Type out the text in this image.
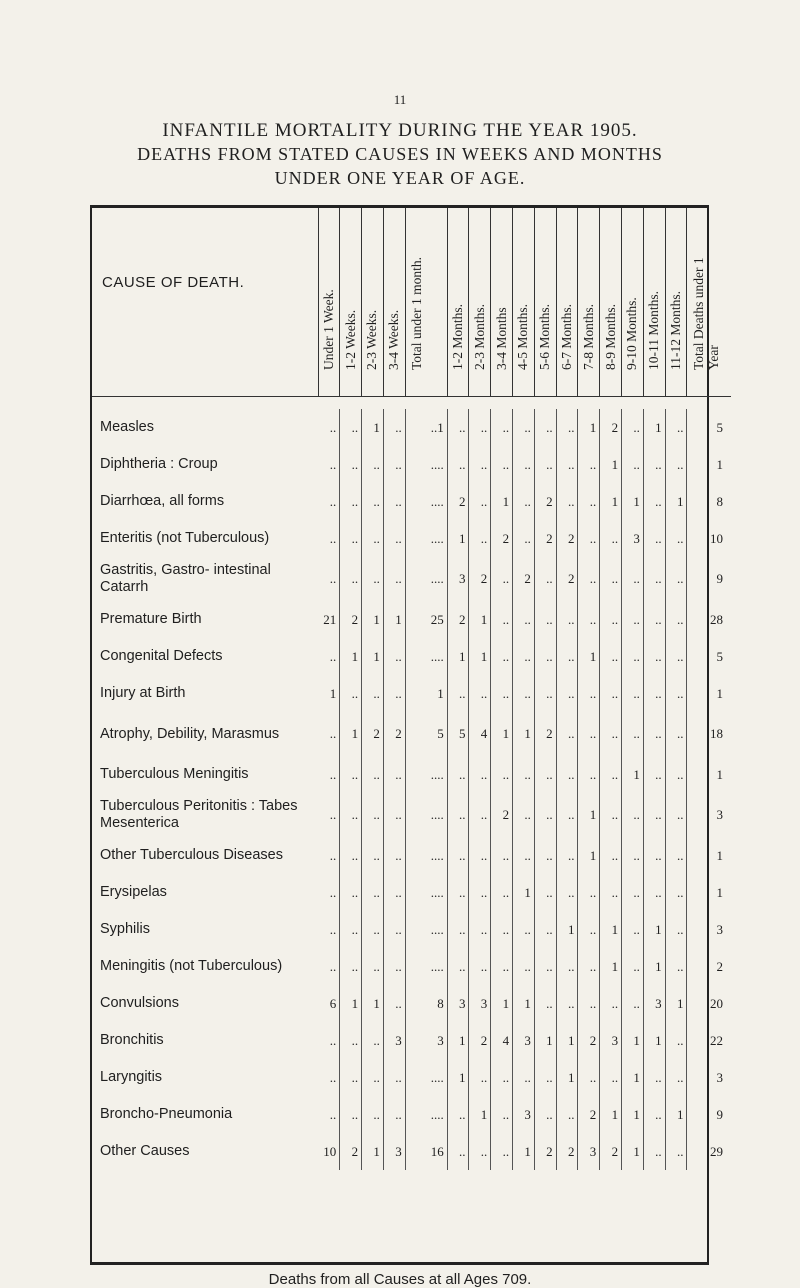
11
INFANTILE MORTALITY DURING THE YEAR 1905.
DEATHS FROM STATED CAUSES IN WEEKS AND MONTHS
UNDER ONE YEAR OF AGE.
CAUSE OF DEATH.	Under 1 Week.	1-2 Weeks.	2-3 Weeks.	3-4 Weeks.	Total under 1 month.	1-2 Months.	2-3 Months.	3-4 Months	4-5 Months.	5-6 Months.	6-7 Months.	7-8 Months.	8-9 Months.	9-10 Months.	10-11 Months.	11-12 Months.	Total Deaths under 1 Year

Measles	..	..	1	..	..1	..	..	..	..	..	..	1	2	..	1	..	5
Diphtheria : Croup	..	..	..	..	....	..	..	..	..	..	..	..	1	..	..	..	1
Diarrhœa, all forms	..	..	..	..	....	2	..	1	..	2	..	..	1	1	..	1	8
Enteritis (not Tuberculous)	..	..	..	..	....	1	..	2	..	2	2	..	..	3	..	..	10
Gastritis, Gastro- intestinal Catarrh	..	..	..	..	....	3	2	..	2	..	2	..	..	..	..	..	9
Premature Birth	21	2	1	1	25	2	1	..	..	..	..	..	..	..	..	..	28
Congenital Defects	..	1	1	..	....	1	1	..	..	..	..	1	..	..	..	..	5
Injury at Birth	1	..	..	..	1	..	..	..	..	..	..	..	..	..	..	..	1
Atrophy, Debility, Marasmus	..	1	2	2	5	5	4	1	1	2	..	..	..	..	..	..	18
Tuberculous Meningitis	..	..	..	..	....	..	..	..	..	..	..	..	..	1	..	..	1
Tuberculous Peritonitis : Tabes Mesenterica	..	..	..	..	....	..	..	2	..	..	..	1	..	..	..	..	3
Other Tuberculous Diseases	..	..	..	..	....	..	..	..	..	..	..	1	..	..	..	..	1
Erysipelas	..	..	..	..	....	..	..	..	1	..	..	..	..	..	..	..	1
Syphilis	..	..	..	..	....	..	..	..	..	..	1	..	1	..	1	..	3
Meningitis (not Tuberculous)	..	..	..	..	....	..	..	..	..	..	..	..	1	..	1	..	2
Convulsions	6	1	1	..	8	3	3	1	1	..	..	..	..	..	3	1	20
Bronchitis	..	..	..	3	3	1	2	4	3	1	1	2	3	1	1	..	22
Laryngitis	..	..	..	..	....	1	..	..	..	..	1	..	..	1	..	..	3
Broncho-Pneumonia	..	..	..	..	....	..	1	..	3	..	..	2	1	1	..	1	9
Other Causes	10	2	1	3	16	..	..	..	1	2	2	3	2	1	..	..	29
Deaths from all Causes at all Ages 709.
